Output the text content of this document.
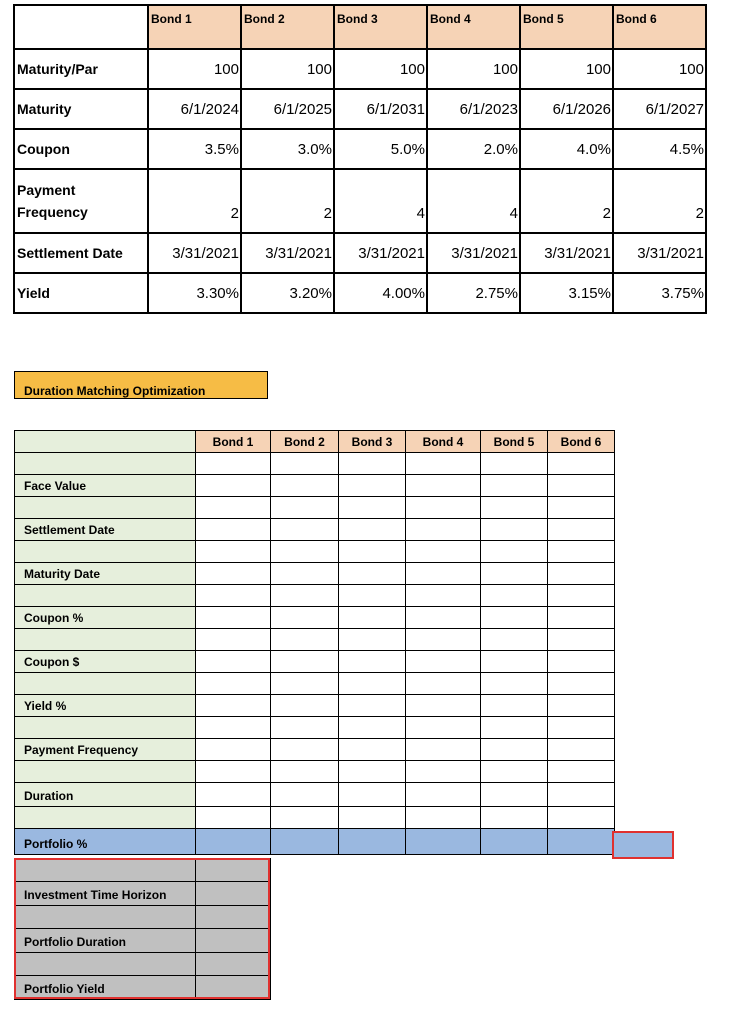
	Bond 1	Bond 2	Bond 3	Bond 4	Bond 5	Bond 6
Maturity/Par	100	100	100	100	100	100
Maturity	6/1/2024	6/1/2025	6/1/2031	6/1/2023	6/1/2026	6/1/2027
Coupon	3.5%	3.0%	5.0%	2.0%	4.0%	4.5%
Payment Frequency	2	2	4	4	2	2
Settlement Date	3/31/2021	3/31/2021	3/31/2021	3/31/2021	3/31/2021	3/31/2021
Yield	3.30%	3.20%	4.00%	2.75%	3.15%	3.75%
Duration Matching Optimization
	Bond 1	Bond 2	Bond 3	Bond 4	Bond 5	Bond 6

Face Value						

Settlement Date						

Maturity Date						

Coupon %						

Coupon $						

Yield %						

Payment Frequency						

Duration						

Portfolio %						

Investment Time Horizon	

Portfolio Duration	

Portfolio Yield	
